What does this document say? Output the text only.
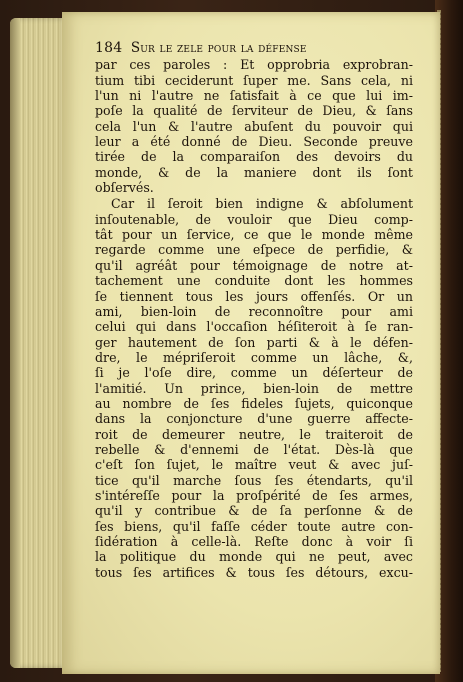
184 Sur le zele pour la défense
par ces paroles : Et opprobria exprobran-
tium tibi ceciderunt ſuper me. Sans cela, ni
l'un ni l'autre ne ſatisfait à ce que lui im-
poſe la qualité de ſerviteur de Dieu, & ſans
cela l'un & l'autre abuſent du pouvoir qui
leur a été donné de Dieu. Seconde preuve
tirée de la comparaiſon des devoirs du
monde, & de la maniere dont ils ſont
obſervés.
Car il ſeroit bien indigne & abſolument
inſoutenable, de vouloir que Dieu comp-
tât pour un ſervice, ce que le monde même
regarde comme une eſpece de perfidie, &
qu'il agréât pour témoignage de notre at-
tachement une conduite dont les hommes
ſe tiennent tous les jours offenſés. Or un
ami, bien-loin de reconnoître pour ami
celui qui dans l'occaſion héſiteroit à ſe ran-
ger hautement de ſon parti & à le défen-
dre, le mépriſeroit comme un lâche, &,
ſi je l'oſe dire, comme un déſerteur de
l'amitié. Un prince, bien-loin de mettre
au nombre de ſes fideles ſujets, quiconque
dans la conjoncture d'une guerre affecte-
roit de demeurer neutre, le traiteroit de
rebelle & d'ennemi de l'état. Dès-là que
c'eſt ſon ſujet, le maître veut & avec juſ-
tice qu'il marche ſous ſes étendarts, qu'il
s'intéreſſe pour la proſpérité de ſes armes,
qu'il y contribue & de ſa perſonne & de
ſes biens, qu'il faſſe céder toute autre con-
ſidération à celle-là. Reſte donc à voir ſi
la politique du monde qui ne peut, avec
tous ſes artifices & tous ſes détours, excu-
